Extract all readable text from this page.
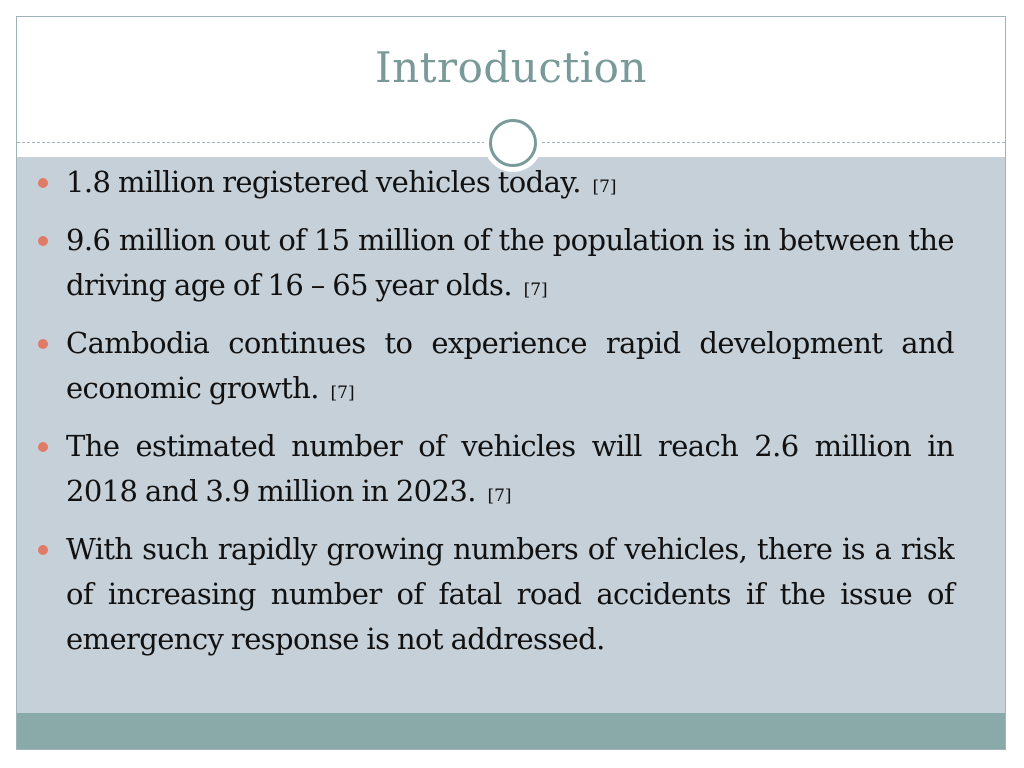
Introduction
1.8 million registered vehicles today. [7]
9.6 million out of 15 million of the population is in between the driving age of 16 – 65 year olds. [7]
Cambodia continues to experience rapid development and economic growth. [7]
The estimated number of vehicles will reach 2.6 million in 2018 and 3.9 million in 2023. [7]
With such rapidly growing numbers of vehicles, there is a risk of increasing number of fatal road accidents if the issue of emergency response is not addressed.
